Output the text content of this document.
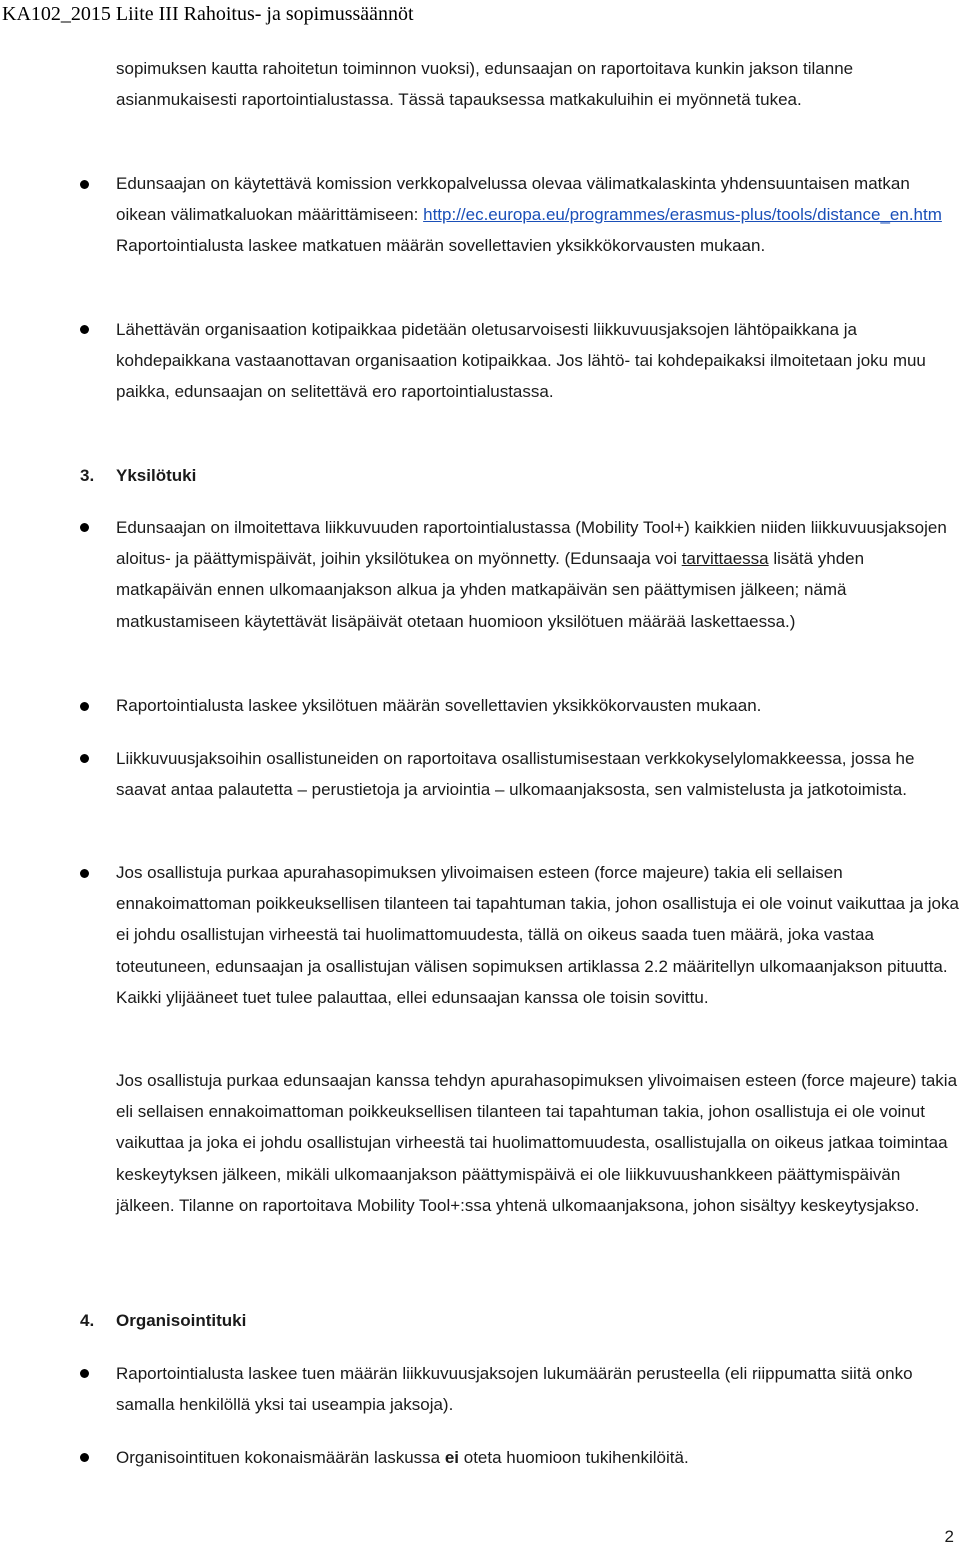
KA102_2015 Liite III Rahoitus- ja sopimussäännöt

sopimuksen kautta rahoitetun toiminnon vuoksi), edunsaajan on raportoitava kunkin jakson tilanne asianmukaisesti raportointialustassa. Tässä tapauksessa matkakuluihin ei myönnetä tukea.

Edunsaajan on käytettävä komission verkkopalvelussa olevaa välimatkalaskinta yhdensuuntaisen matkan oikean välimatkaluokan määrittämiseen: http://ec.europa.eu/programmes/erasmus-plus/tools/distance_en.htm Raportointialusta laskee matkatuen määrän sovellettavien yksikkökorvausten mukaan.

Lähettävän organisaation kotipaikkaa pidetään oletusarvoisesti liikkuvuusjaksojen lähtöpaikkana ja kohdepaikkana vastaanottavan organisaation kotipaikkaa. Jos lähtö- tai kohdepaikaksi ilmoitetaan joku muu paikka, edunsaajan on selitettävä ero raportointialustassa.

3. Yksilötuki

Edunsaajan on ilmoitettava liikkuvuuden raportointialustassa (Mobility Tool+) kaikkien niiden liikkuvuusjaksojen aloitus- ja päättymispäivät, joihin yksilötukea on myönnetty. (Edunsaaja voi tarvittaessa lisätä yhden matkapäivän ennen ulkomaanjakson alkua ja yhden matkapäivän sen päättymisen jälkeen; nämä matkustamiseen käytettävät lisäpäivät otetaan huomioon yksilötuen määrää laskettaessa.)

Raportointialusta laskee yksilötuen määrän sovellettavien yksikkökorvausten mukaan.

Liikkuvuusjaksoihin osallistuneiden on raportoitava osallistumisestaan verkkokyselylomakkeessa, jossa he saavat antaa palautetta – perustietoja ja arviointia – ulkomaanjaksosta, sen valmistelusta ja jatkotoimista.

Jos osallistuja purkaa apurahasopimuksen ylivoimaisen esteen (force majeure) takia eli sellaisen ennakoimattoman poikkeuksellisen tilanteen tai tapahtuman takia, johon osallistuja ei ole voinut vaikuttaa ja joka ei johdu osallistujan virheestä tai huolimattomuudesta, tällä on oikeus saada tuen määrä, joka vastaa toteutuneen, edunsaajan ja osallistujan välisen sopimuksen artiklassa 2.2 määritellyn ulkomaanjakson pituutta. Kaikki ylijääneet tuet tulee palauttaa, ellei edunsaajan kanssa ole toisin sovittu.

Jos osallistuja purkaa edunsaajan kanssa tehdyn apurahasopimuksen ylivoimaisen esteen (force majeure) takia eli sellaisen ennakoimattoman poikkeuksellisen tilanteen tai tapahtuman takia, johon osallistuja ei ole voinut vaikuttaa ja joka ei johdu osallistujan virheestä tai huolimattomuudesta, osallistujalla on oikeus jatkaa toimintaa keskeytyksen jälkeen, mikäli ulkomaanjakson päättymispäivä ei ole liikkuvuushankkeen päättymispäivän jälkeen. Tilanne on raportoitava Mobility Tool+:ssa yhtenä ulkomaanjaksona, johon sisältyy keskeytysjakso.

4. Organisointituki

Raportointialusta laskee tuen määrän liikkuvuusjaksojen lukumäärän perusteella (eli riippumatta siitä onko samalla henkilöllä yksi tai useampia jaksoja).

Organisointituen kokonaismäärän laskussa ei oteta huomioon tukihenkilöitä.

2
